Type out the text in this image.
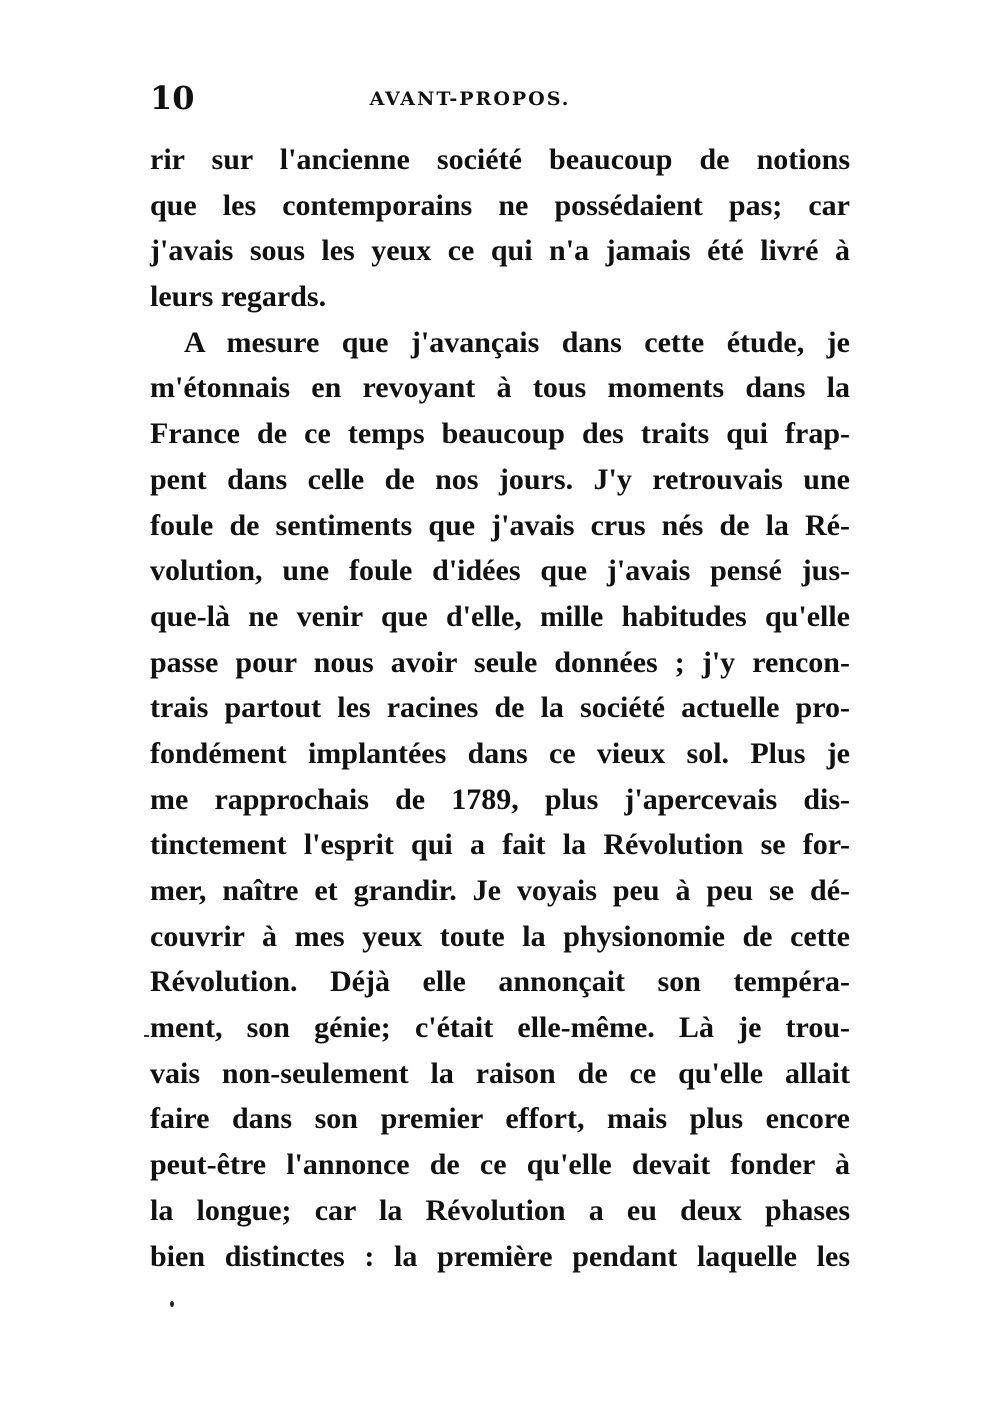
10	AVANT-PROPOS.
rir sur l'ancienne société beaucoup de notions
que les contemporains ne possédaient pas; car
j'avais sous les yeux ce qui n'a jamais été livré à
leurs regards.
A mesure que j'avançais dans cette étude, je
m'étonnais en revoyant à tous moments dans la
France de ce temps beaucoup des traits qui frap-
pent dans celle de nos jours. J'y retrouvais une
foule de sentiments que j'avais crus nés de la Ré-
volution, une foule d'idées que j'avais pensé jus-
que-là ne venir que d'elle, mille habitudes qu'elle
passe pour nous avoir seule données ; j'y rencon-
trais partout les racines de la société actuelle pro-
fondément implantées dans ce vieux sol. Plus je
me rapprochais de 1789, plus j'apercevais dis-
tinctement l'esprit qui a fait la Révolution se for-
mer, naître et grandir. Je voyais peu à peu se dé-
couvrir à mes yeux toute la physionomie de cette
Révolution. Déjà elle annonçait son tempéra-
ment, son génie; c'était elle-même. Là je trou-
vais non-seulement la raison de ce qu'elle allait
faire dans son premier effort, mais plus encore
peut-être l'annonce de ce qu'elle devait fonder à
la longue; car la Révolution a eu deux phases
bien distinctes : la première pendant laquelle les
